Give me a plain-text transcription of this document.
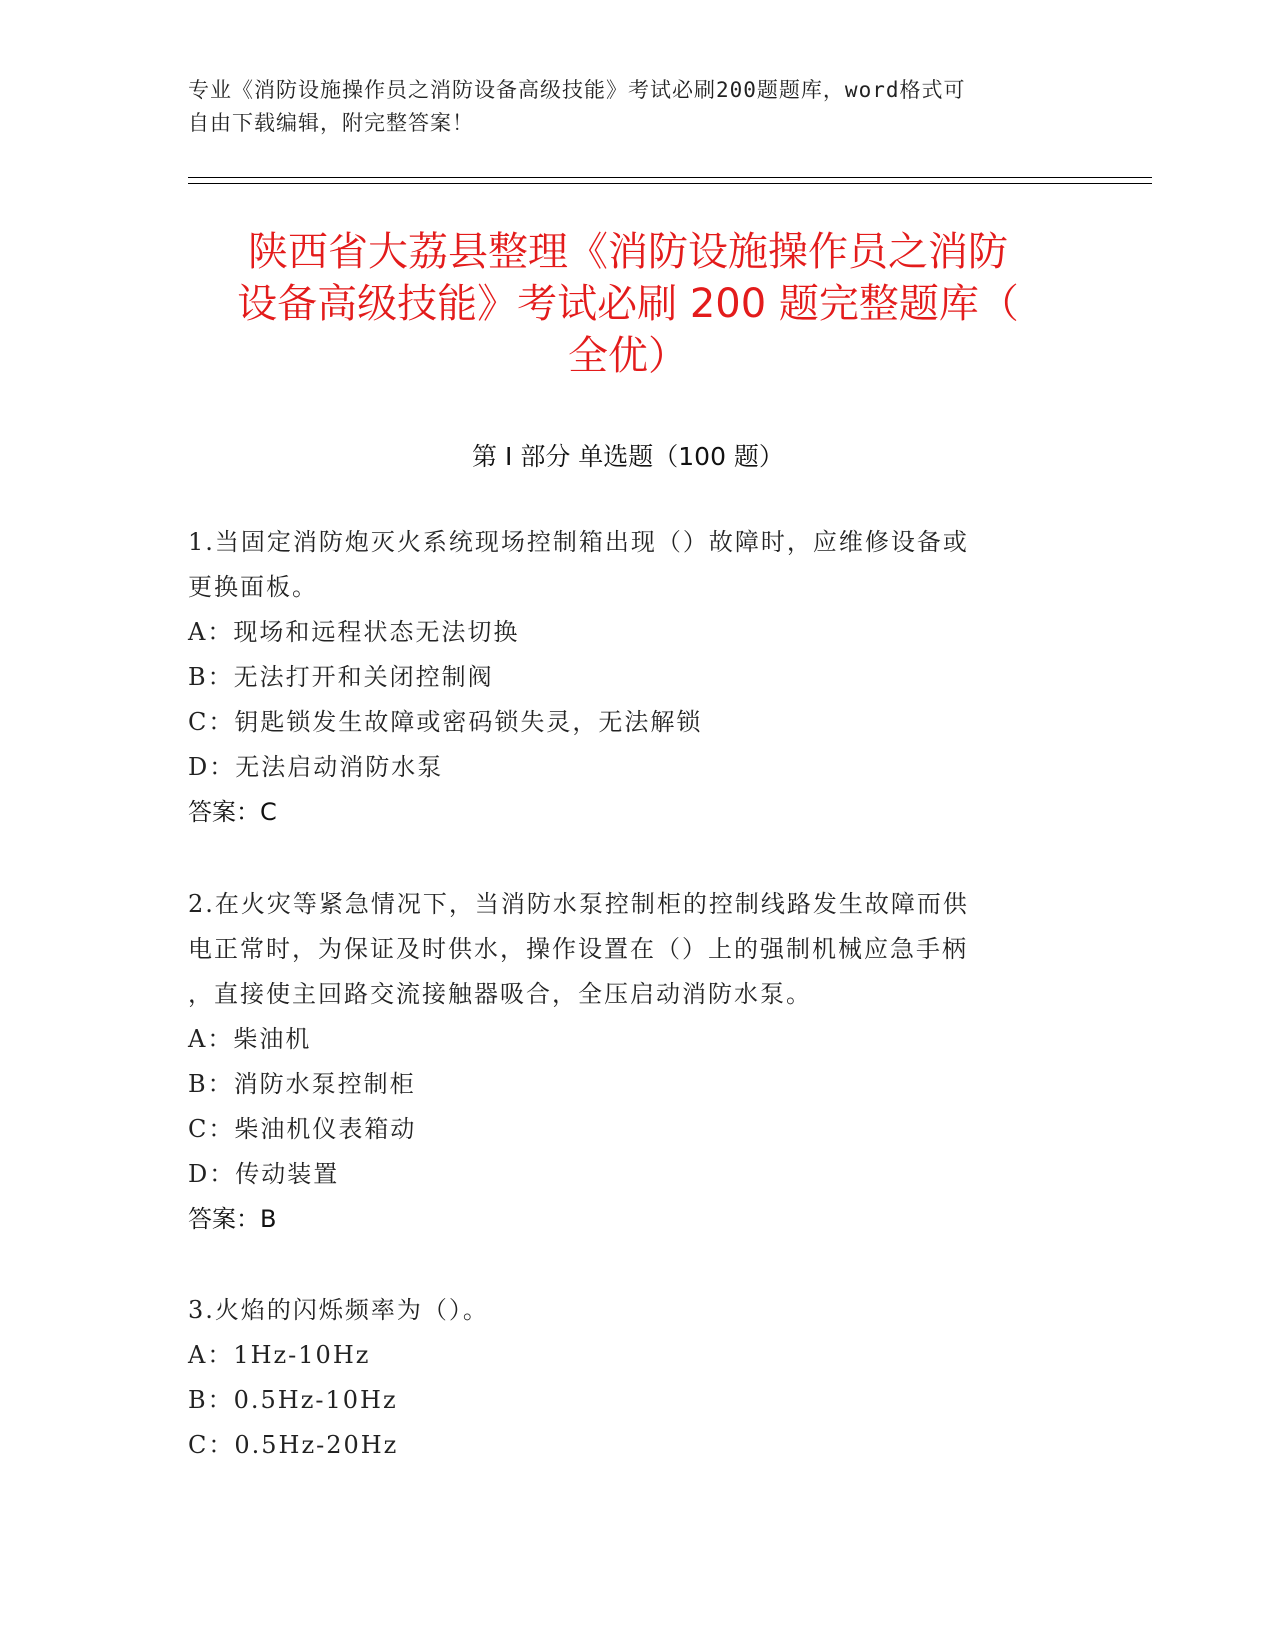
专业《消防设施操作员之消防设备高级技能》考试必刷200题题库，word格式可
自由下载编辑，附完整答案！
陕西省大荔县整理《消防设施操作员之消防
设备高级技能》考试必刷 200 题完整题库（
全优）
第 I 部分 单选题（100 题）
1.当固定消防炮灭火系统现场控制箱出现（）故障时，应维修设备或
更换面板。
A：现场和远程状态无法切换
B：无法打开和关闭控制阀
C：钥匙锁发生故障或密码锁失灵，无法解锁
D：无法启动消防水泵
答案：C
2.在火灾等紧急情况下，当消防水泵控制柜的控制线路发生故障而供
电正常时，为保证及时供水，操作设置在（）上的强制机械应急手柄
，直接使主回路交流接触器吸合，全压启动消防水泵。
A：柴油机
B：消防水泵控制柜
C：柴油机仪表箱动
D：传动装置
答案：B
3.火焰的闪烁频率为（）。
A：1Hz-10Hz
B：0.5Hz-10Hz
C：0.5Hz-20Hz
